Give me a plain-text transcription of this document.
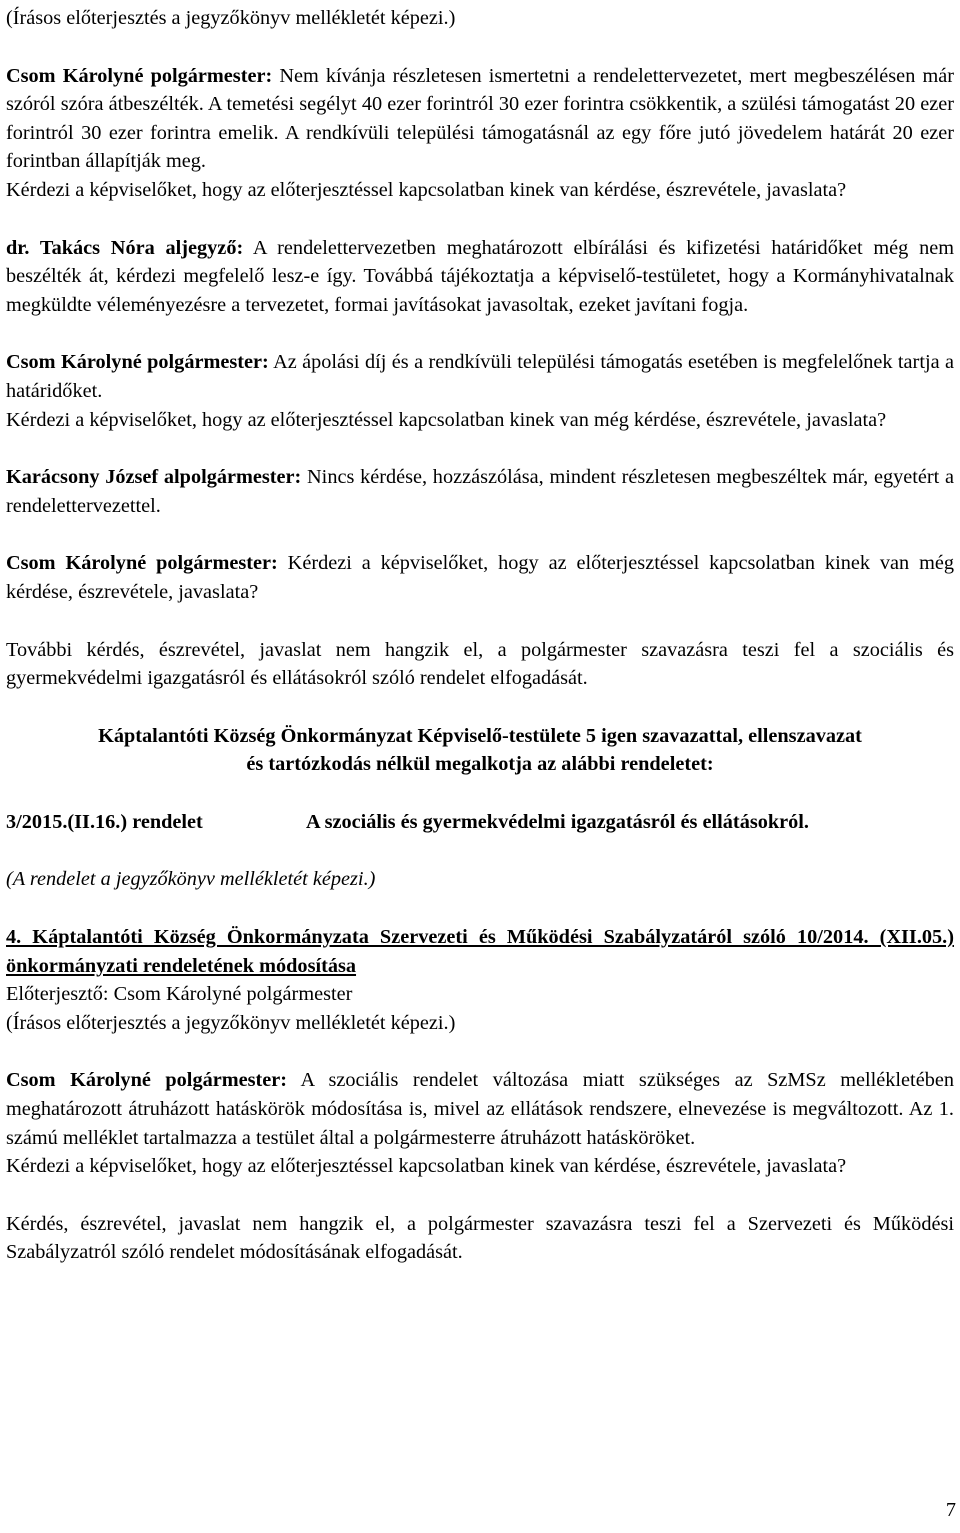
(Írásos előterjesztés a jegyzőkönyv mellékletét képezi.)

Csom Károlyné polgármester: Nem kívánja részletesen ismertetni a rendelettervezetet, mert megbeszélésen már szóról szóra átbeszélték. A temetési segélyt 40 ezer forintról 30 ezer forintra csökkentik, a szülési támogatást 20 ezer forintról 30 ezer forintra emelik. A rendkívüli települési támogatásnál az egy főre jutó jövedelem határát 20 ezer forintban állapítják meg.

Kérdezi a képviselőket, hogy az előterjesztéssel kapcsolatban kinek van kérdése, észrevétele, javaslata?

dr. Takács Nóra aljegyző: A rendelettervezetben meghatározott elbírálási és kifizetési határidőket még nem beszélték át, kérdezi megfelelő lesz-e így. Továbbá tájékoztatja a képviselő-testületet, hogy a Kormányhivatalnak megküldte véleményezésre a tervezetet, formai javításokat javasoltak, ezeket javítani fogja.

Csom Károlyné polgármester: Az ápolási díj és a rendkívüli települési támogatás esetében is megfelelőnek tartja a határidőket.

Kérdezi a képviselőket, hogy az előterjesztéssel kapcsolatban kinek van még kérdése, észrevétele, javaslata?

Karácsony József alpolgármester: Nincs kérdése, hozzászólása, mindent részletesen megbeszéltek már, egyetért a rendelettervezettel.

Csom Károlyné polgármester: Kérdezi a képviselőket, hogy az előterjesztéssel kapcsolatban kinek van még kérdése, észrevétele, javaslata?

További kérdés, észrevétel, javaslat nem hangzik el, a polgármester szavazásra teszi fel a szociális és gyermekvédelmi igazgatásról és ellátásokról szóló rendelet elfogadását.

Káptalantóti Község Önkormányzat Képviselő-testülete 5 igen szavazattal, ellenszavazat

és tartózkodás nélkül megalkotja az alábbi rendeletet:

3/2015.(II.16.) rendelet	A szociális és gyermekvédelmi igazgatásról és ellátásokról.

(A rendelet a jegyzőkönyv mellékletét képezi.)

4. Káptalantóti Község Önkormányzata Szervezeti és Működési Szabályzatáról szóló 10/2014. (XII.05.) önkormányzati rendeletének módosítása

Előterjesztő: Csom Károlyné polgármester

(Írásos előterjesztés a jegyzőkönyv mellékletét képezi.)

Csom Károlyné polgármester: A szociális rendelet változása miatt szükséges az SzMSz mellékletében meghatározott átruházott hatáskörök módosítása is, mivel az ellátások rendszere, elnevezése is megváltozott. Az 1. számú melléklet tartalmazza a testület által a polgármesterre átruházott hatásköröket.

Kérdezi a képviselőket, hogy az előterjesztéssel kapcsolatban kinek van kérdése, észrevétele, javaslata?

Kérdés, észrevétel, javaslat nem hangzik el, a polgármester szavazásra teszi fel a Szervezeti és Működési Szabályzatról szóló rendelet módosításának elfogadását.

7
